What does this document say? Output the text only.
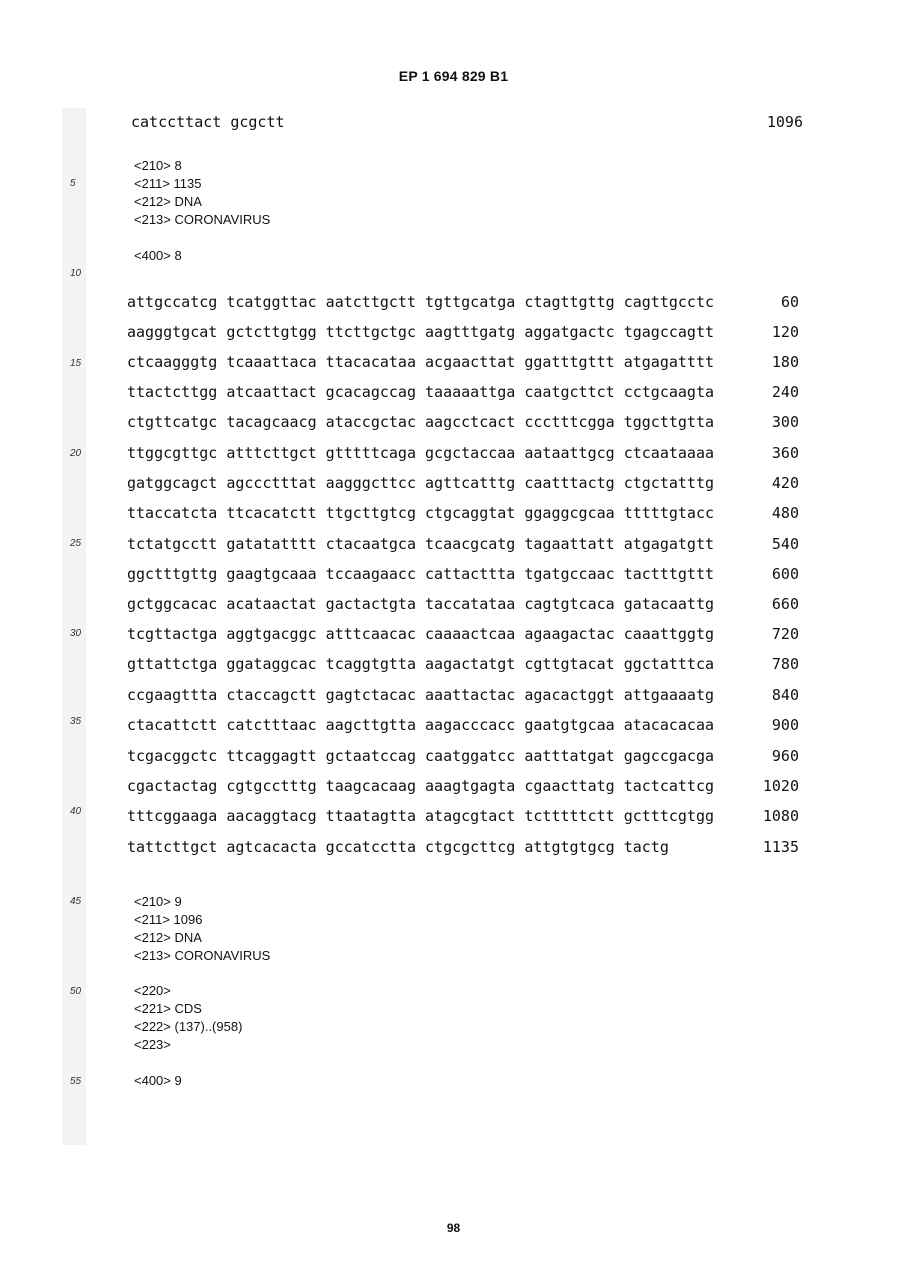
EP 1 694 829 B1
catccttact gcgctt	1096
5
10
15
20
25
30
35
40
45
50
55
<210> 8
<211> 1135
<212> DNA
<213> CORONAVIRUS
<400> 8
attgccatcg tcatggttac aatcttgctt tgttgcatga ctagttgttg cagttgcctc	60
aagggtgcat gctcttgtgg ttcttgctgc aagtttgatg aggatgactc tgagccagtt	120
ctcaagggtg tcaaattaca ttacacataa acgaacttat ggatttgttt atgagatttt	180
ttactcttgg atcaattact gcacagccag taaaaattga caatgcttct cctgcaagta	240
ctgttcatgc tacagcaacg ataccgctac aagcctcact ccctttcgga tggcttgtta	300
ttggcgttgc atttcttgct gtttttcaga gcgctaccaa aataattgcg ctcaataaaa	360
gatggcagct agccctttat aagggcttcc agttcatttg caatttactg ctgctatttg	420
ttaccatcta ttcacatctt ttgcttgtcg ctgcaggtat ggaggcgcaa tttttgtacc	480
tctatgcctt gatatatttt ctacaatgca tcaacgcatg tagaattatt atgagatgtt	540
ggctttgttg gaagtgcaaa tccaagaacc cattacttta tgatgccaac tactttgttt	600
gctggcacac acataactat gactactgta taccatataa cagtgtcaca gatacaattg	660
tcgttactga aggtgacggc atttcaacac caaaactcaa agaagactac caaattggtg	720
gttattctga ggataggcac tcaggtgtta aagactatgt cgttgtacat ggctatttca	780
ccgaagttta ctaccagctt gagtctacac aaattactac agacactggt attgaaaatg	840
ctacattctt catctttaac aagcttgtta aagacccacc gaatgtgcaa atacacacaa	900
tcgacggctc ttcaggagtt gctaatccag caatggatcc aatttatgat gagccgacga	960
cgactactag cgtgcctttg taagcacaag aaagtgagta cgaacttatg tactcattcg	1020
tttcggaaga aacaggtacg ttaatagtta atagcgtact tctttttctt gctttcgtgg	1080
tattcttgct agtcacacta gccatcctta ctgcgcttcg attgtgtgcg tactg	1135
<210> 9
<211> 1096
<212> DNA
<213> CORONAVIRUS
<220>
<221> CDS
<222> (137)..(958)
<223>
<400> 9
98
